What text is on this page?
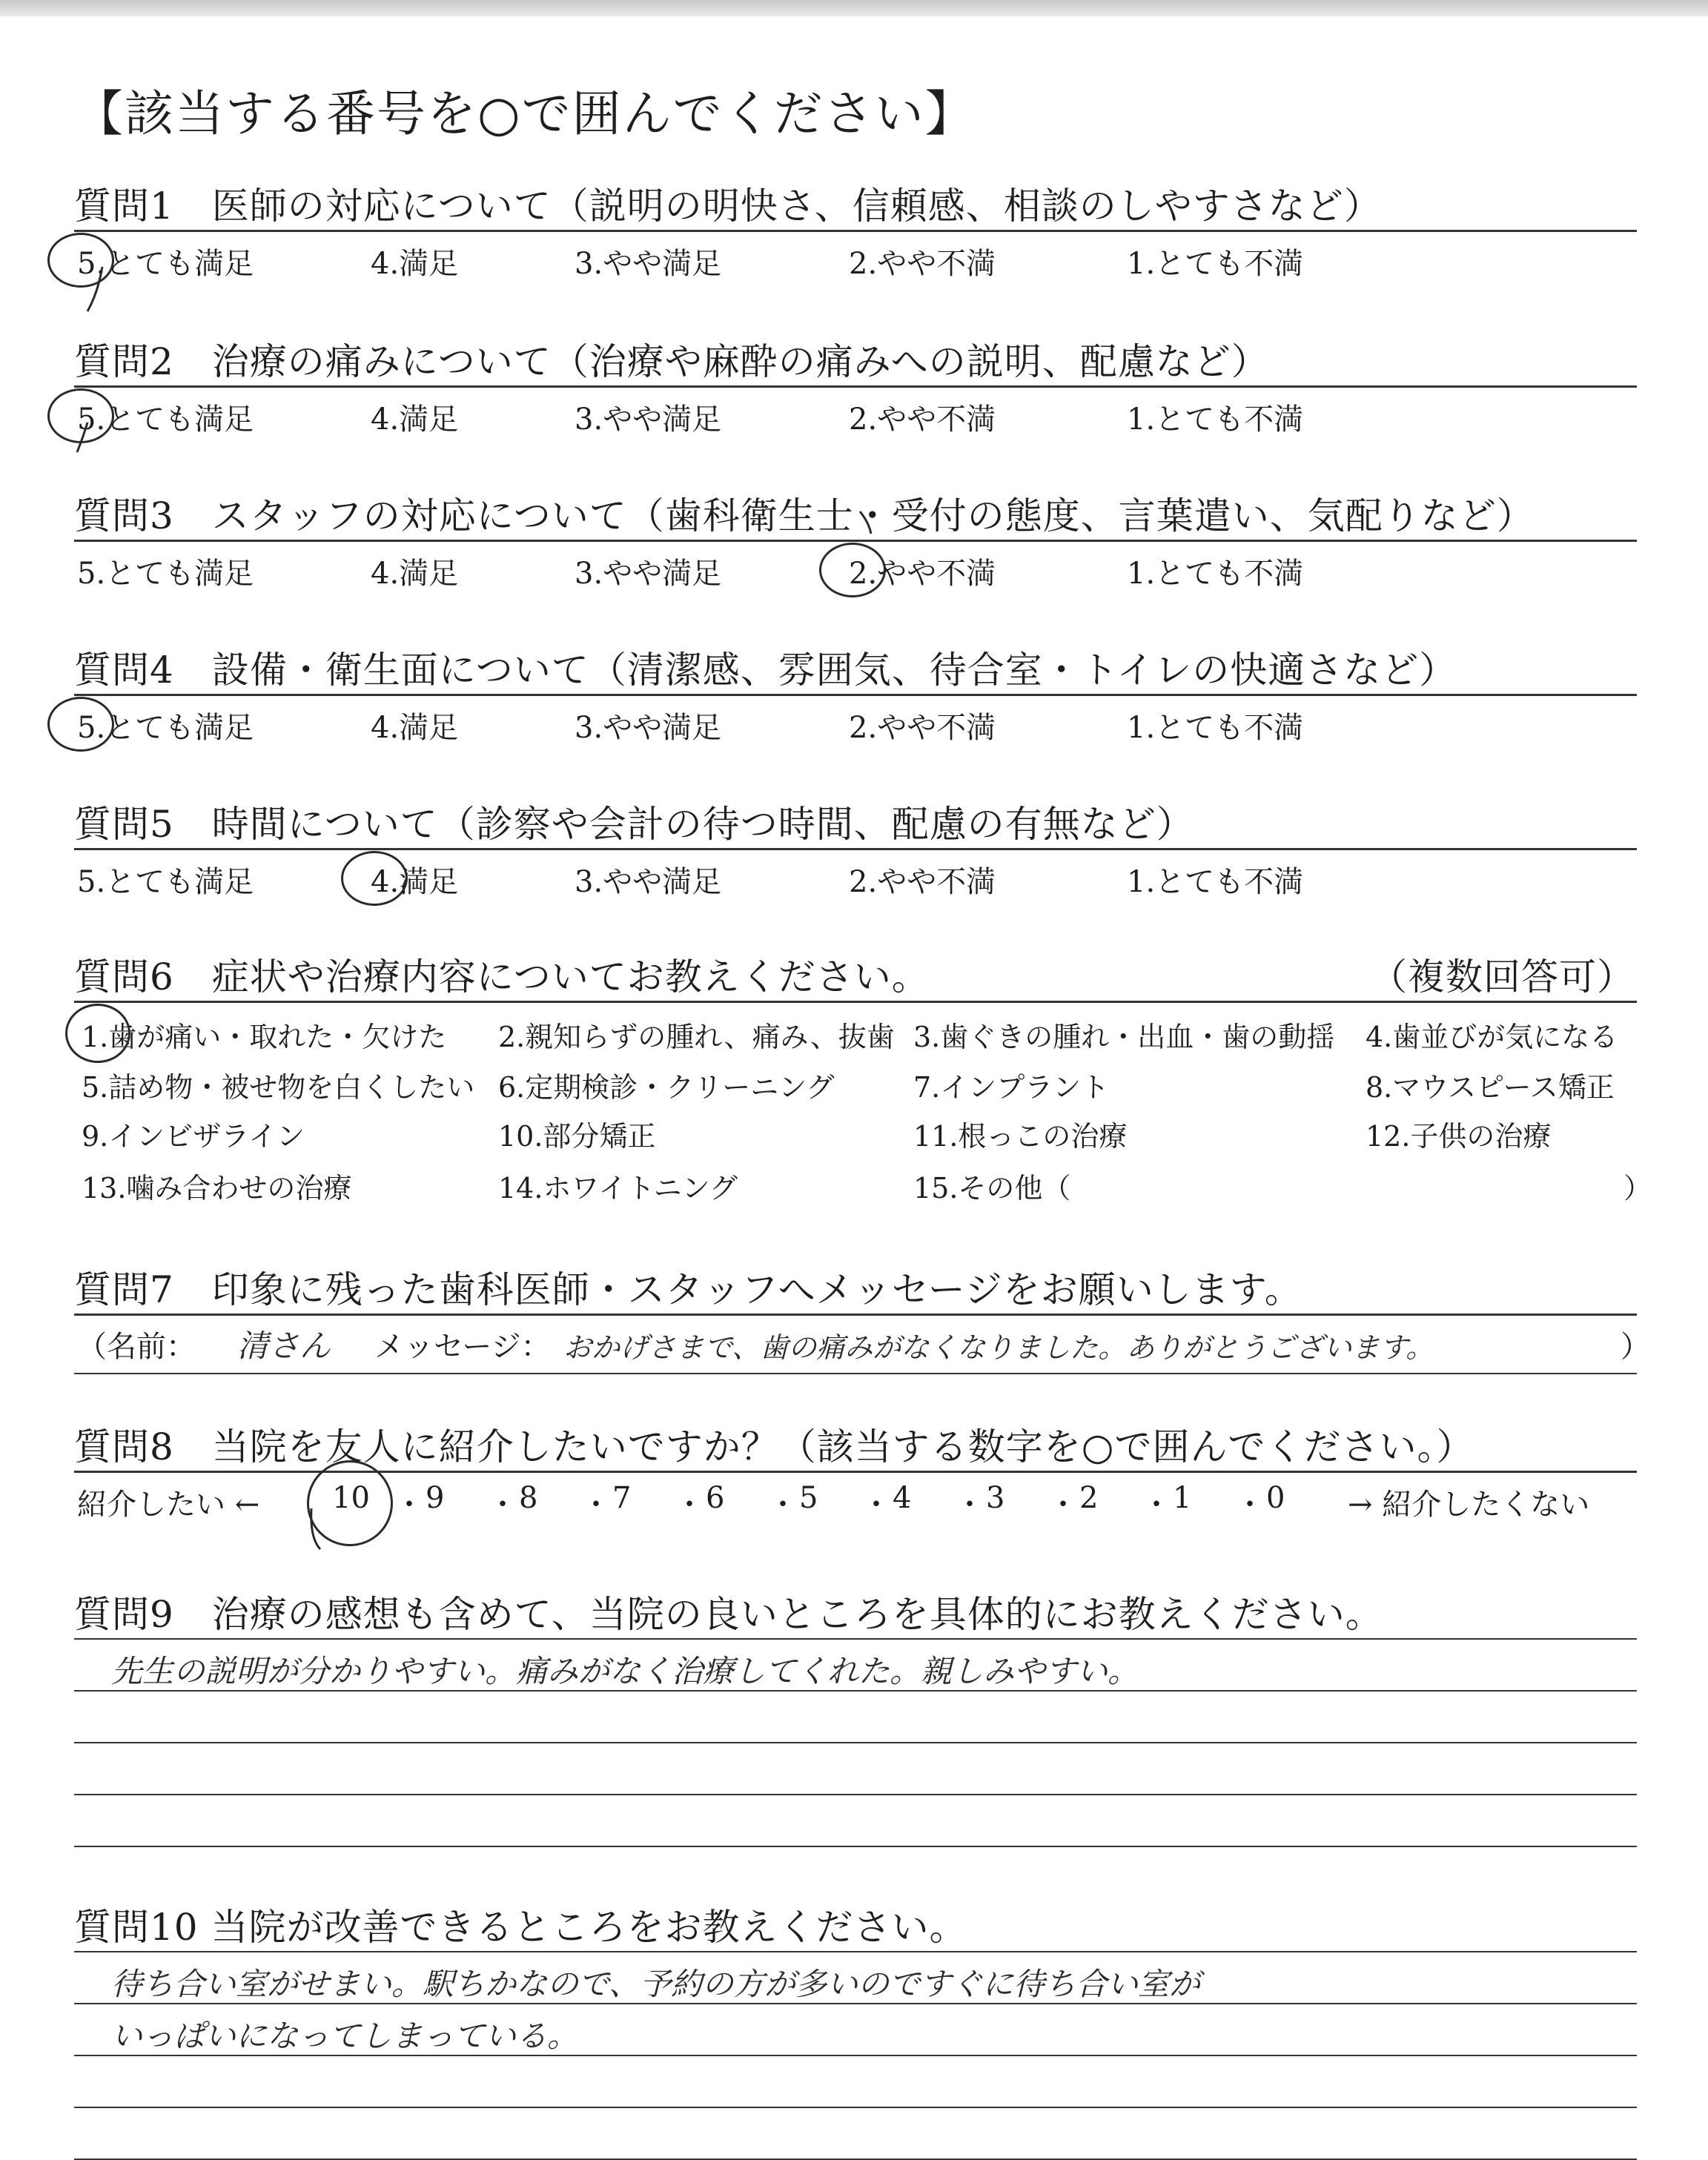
【該当する番号を○で囲んでください】
質問1　医師の対応について（説明の明快さ、信頼感、相談のしやすさなど）
5.とても満足	4.満足	3.やや満足	2.やや不満	1.とても不満
質問2　治療の痛みについて（治療や麻酔の痛みへの説明、配慮など）
5.とても満足	4.満足	3.やや満足	2.やや不満	1.とても不満
質問3　スタッフの対応について（歯科衛生士・受付の態度、言葉遣い、気配りなど）
5.とても満足	4.満足	3.やや満足	2.やや不満	1.とても不満
質問4　設備・衛生面について（清潔感、雰囲気、待合室・トイレの快適さなど）
5.とても満足	4.満足	3.やや満足	2.やや不満	1.とても不満
質問5　時間について（診察や会計の待つ時間、配慮の有無など）
5.とても満足	4.満足	3.やや満足	2.やや不満	1.とても不満
質問6　症状や治療内容についてお教えください。	（複数回答可）
1.歯が痛い・取れた・欠けた 2.親知らずの腫れ、痛み、抜歯 3.歯ぐきの腫れ・出血・歯の動揺 4.歯並びが気になる
5.詰め物・被せ物を白くしたい 6.定期検診・クリーニング	7.インプラント	8.マウスピース矯正
9.インビザライン	10.部分矯正	11.根っこの治療	12.子供の治療
13.噛み合わせの治療	14.ホワイトニング	15.その他（	）
質問7　印象に残った歯科医師・スタッフへメッセージをお願いします。
（名前： 清さん メッセージ： おかげさまで、歯の痛みがなくなりました。ありがとうございます。	）
質問8　当院を友人に紹介したいですか？（該当する数字を○で囲んでください。）
紹介したい ← 10 ・ 9 ・ 8 ・ 7 ・ 6 ・ 5 ・ 4 ・ 3 ・ 2 ・ 1 ・ 0 → 紹介したくない
質問9　治療の感想も含めて、当院の良いところを具体的にお教えください。
先生の説明が分かりやすい。痛みがなく治療してくれた。親しみやすい。
質問10 当院が改善できるところをお教えください。
待ち合い室がせまい。駅ちかなので、予約の方が多いのですぐに待ち合い室が
いっぱいになってしまっている。
